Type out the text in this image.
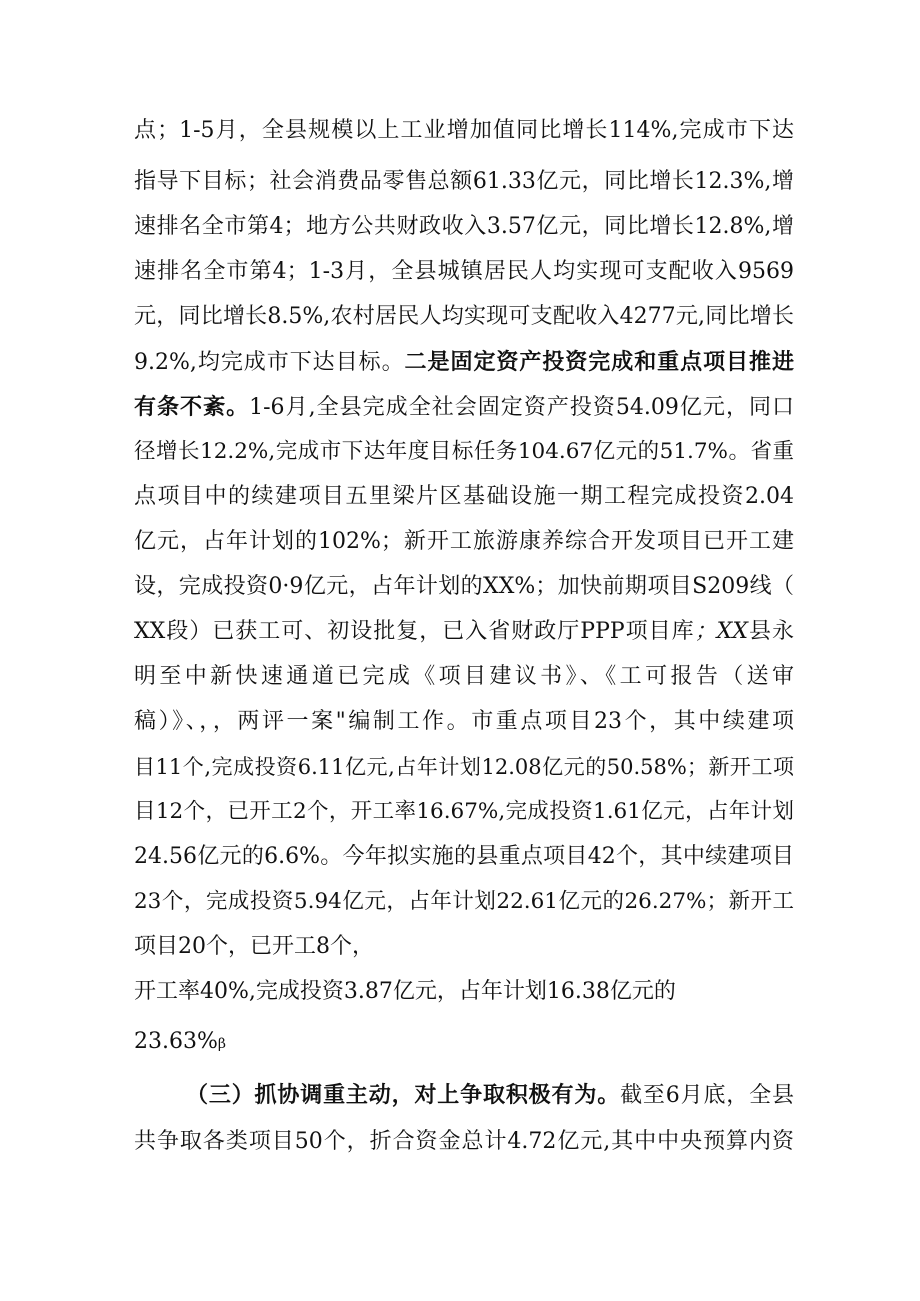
点；1-5月，全县规模以上工业增加值同比增长114%,完成市下达
指导下目标；社会消费品零售总额61.33亿元，同比增长12.3%,增
速排名全市第4；地方公共财政收入3.57亿元，同比增长12.8%,增
速排名全市第4；1-3月，全县城镇居民人均实现可支配收入9569
元，同比增长8.5%,农村居民人均实现可支配收入4277元,同比增长
9.2%,均完成市下达目标。二是固定资产投资完成和重点项目推进
有条不紊。1-6月,全县完成全社会固定资产投资54.09亿元，同口
径增长12.2%,完成市下达年度目标任务104.67亿元的51.7%。省重
点项目中的续建项目五里梁片区基础设施一期工程完成投资2.04
亿元，占年计划的102%；新开工旅游康养综合开发项目已开工建
设，完成投资0·9亿元，占年计划的XX%；加快前期项目S209线（
XX段）已获工可、初设批复，已入省财政厅PPP项目库；XX县永
明至中新快速通道已完成《项目建议书》、《工可报告（送审
稿）》、，，两评一案"编制工作。市重点项目23个，其中续建项
目11个,完成投资6.11亿元,占年计划12.08亿元的50.58%；新开工项
目12个，已开工2个，开工率16.67%,完成投资1.61亿元，占年计划
24.56亿元的6.6%。今年拟实施的县重点项目42个，其中续建项目
23个，完成投资5.94亿元，占年计划22.61亿元的26.27%；新开工
项目20个，已开工8个，
开工率40%,完成投资3.87亿元，占年计划16.38亿元的
23.63%β
（三）抓协调重主动，对上争取积极有为。截至6月底，全县
共争取各类项目50个，折合资金总计4.72亿元,其中中央预算内资
